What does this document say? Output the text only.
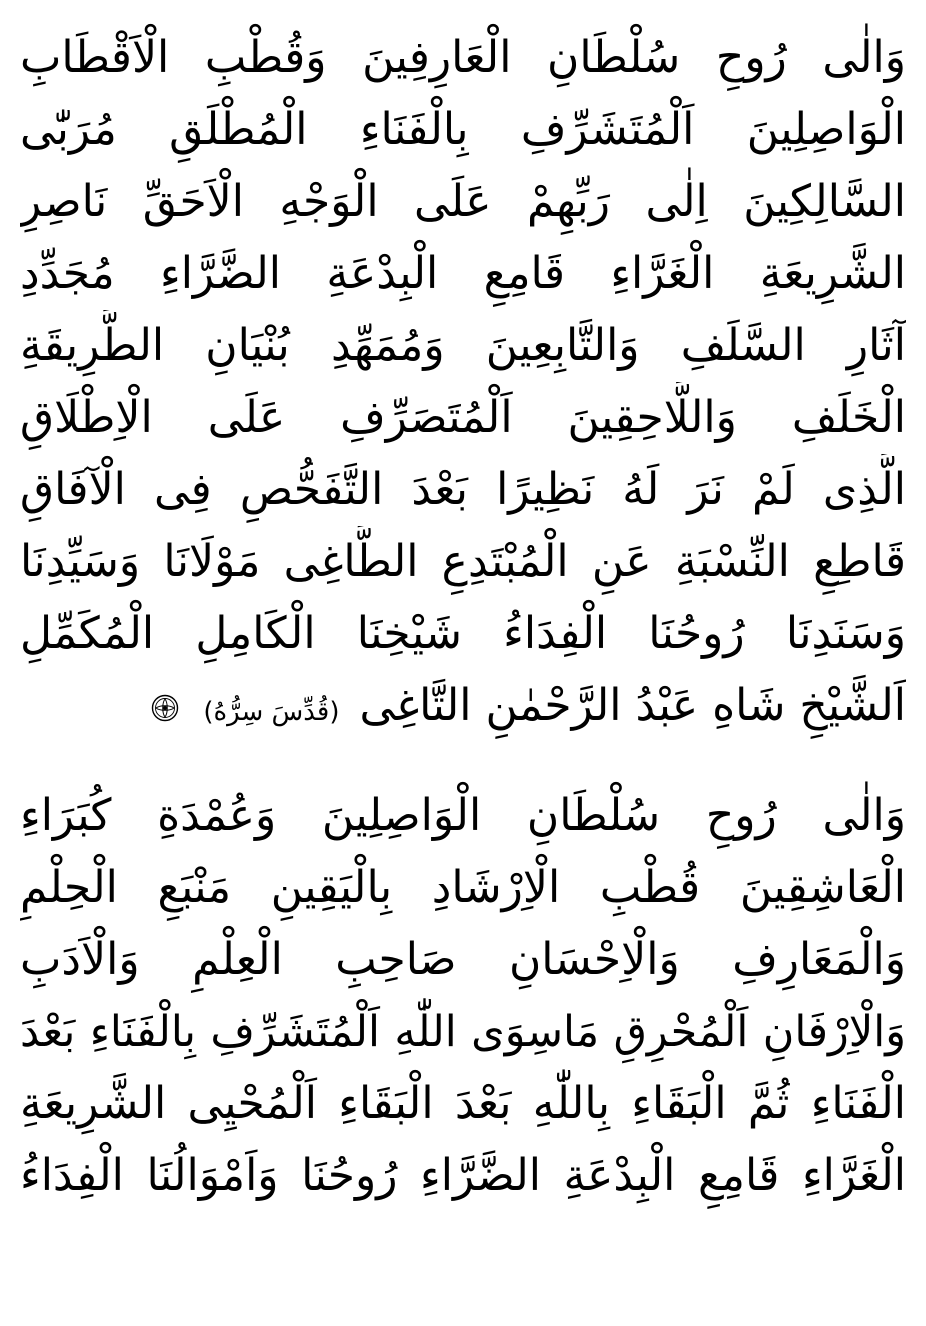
وَالٰى رُوحِ سُلْطَانِ الْعَارِفِينَ وَقُطْبِ الْاَقْطَابِ
الْوَاصِلِينَ اَلْمُتَشَرِّفِ بِالْفَنَاءِ الْمُطْلَقِ مُرَبّٰى
السَّالِكِينَ اِلٰى رَبِّهِمْ عَلَى الْوَجْهِ الْاَحَقِّ نَاصِرِ
الشَّرِيعَةِ الْغَرَّاءِ قَامِعِ الْبِدْعَةِ الضَّرَّاءِ مُجَدِّدِ
آثَارِ السَّلَفِ وَالتَّابِعِينَ وَمُمَهِّدِ بُنْيَانِ الطَّرِيقَةِ
الْخَلَفِ وَاللَّاحِقِينَ اَلْمُتَصَرِّفِ عَلَى الْاِطْلَاقِ
الَّذِى لَمْ نَرَ لَهُ نَظِيرًا بَعْدَ التَّفَحُّصِ فِى الْآفَاقِ
قَاطِعِ النِّسْبَةِ عَنِ الْمُبْتَدِعِ الطَّاغِى مَوْلَانَا وَسَيِّدِنَا
وَسَنَدِنَا رُوحُنَا الْفِدَاءُ شَيْخِنَا الْكَامِلِ الْمُكَمِّلِ
اَلشَّيْخِ شَاهِ عَبْدُ الرَّحْمٰنِ التَّاغِى (قُدِّسَ سِرُّهُ)
وَالٰى رُوحِ سُلْطَانِ الْوَاصِلِينَ وَعُمْدَةِ كُبَرَاءِ
الْعَاشِقِينَ قُطْبِ الْاِرْشَادِ بِالْيَقِينِ مَنْبَعِ الْحِلْمِ
وَالْمَعَارِفِ وَالْاِحْسَانِ صَاحِبِ الْعِلْمِ وَالْاَدَبِ
وَالْاِرْفَانِ اَلْمُحْرِقِ مَاسِوَى اللّٰهِ اَلْمُتَشَرِّفِ بِالْفَنَاءِ بَعْدَ
الْفَنَاءِ ثُمَّ الْبَقَاءِ بِاللّٰهِ بَعْدَ الْبَقَاءِ اَلْمُحْيِى الشَّرِيعَةِ
الْغَرَّاءِ قَامِعِ الْبِدْعَةِ الضَّرَّاءِ رُوحُنَا وَاَمْوَالُنَا الْفِدَاءُ
